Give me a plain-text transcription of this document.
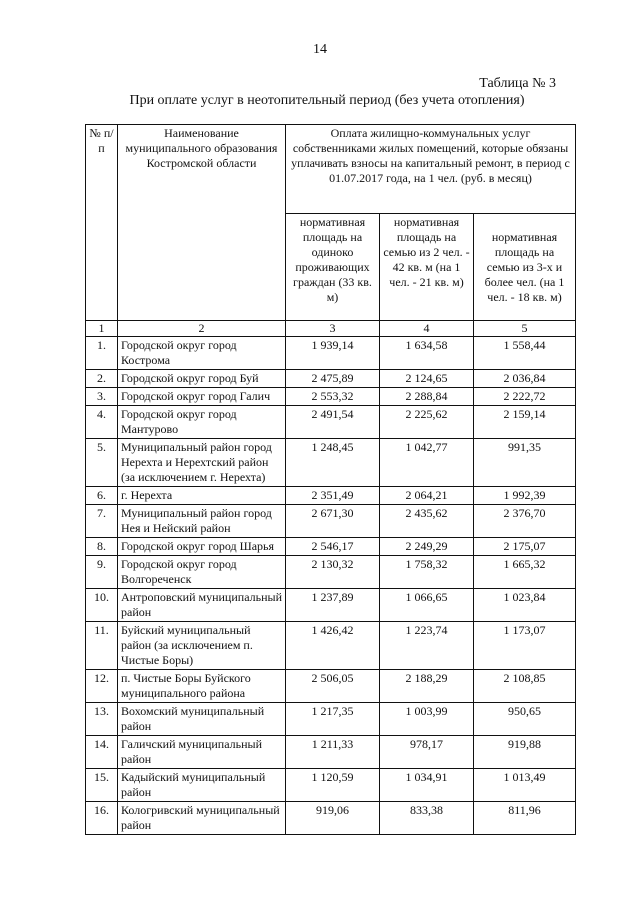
14
Таблица № 3
При оплате услуг в неотопительный период (без учета отопления)
№ п/п	Наименование муниципального образования Костромской области	Оплата жилищно-коммунальных услуг собственниками жилых помещений, которые обязаны уплачивать взносы на капитальный ремонт, в период с 01.07.2017 года, на 1 чел. (руб. в месяц)		
		нормативная площадь на одиноко проживающих граждан (33 кв. м)	нормативная площадь на семью из 2 чел. - 42 кв. м (на 1 чел. - 21 кв. м)	нормативная площадь на семью из 3-х и более чел. (на 1 чел. - 18 кв. м)
1	2	3	4	5
1.	Городской округ город Кострома	1 939,14	1 634,58	1 558,44
2.	Городской округ город Буй	2 475,89	2 124,65	2 036,84
3.	Городской округ город Галич	2 553,32	2 288,84	2 222,72
4.	Городской округ город Мантурово	2 491,54	2 225,62	2 159,14
5.	Муниципальный район город Нерехта и Нерехтский район (за исключением г. Нерехта)	1 248,45	1 042,77	991,35
6.	г. Нерехта	2 351,49	2 064,21	1 992,39
7.	Муниципальный район город Нея и Нейский район	2 671,30	2 435,62	2 376,70
8.	Городской округ город Шарья	2 546,17	2 249,29	2 175,07
9.	Городской округ город Волгореченск	2 130,32	1 758,32	1 665,32
10.	Антроповский муниципальный район	1 237,89	1 066,65	1 023,84
11.	Буйский муниципальный район (за исключением п. Чистые Боры)	1 426,42	1 223,74	1 173,07
12.	п. Чистые Боры Буйского муниципального района	2 506,05	2 188,29	2 108,85
13.	Вохомский муниципальный район	1 217,35	1 003,99	950,65
14.	Галичский муниципальный район	1 211,33	978,17	919,88
15.	Кадыйский муниципальный район	1 120,59	1 034,91	1 013,49
16.	Кологривский муниципальный район	919,06	833,38	811,96
